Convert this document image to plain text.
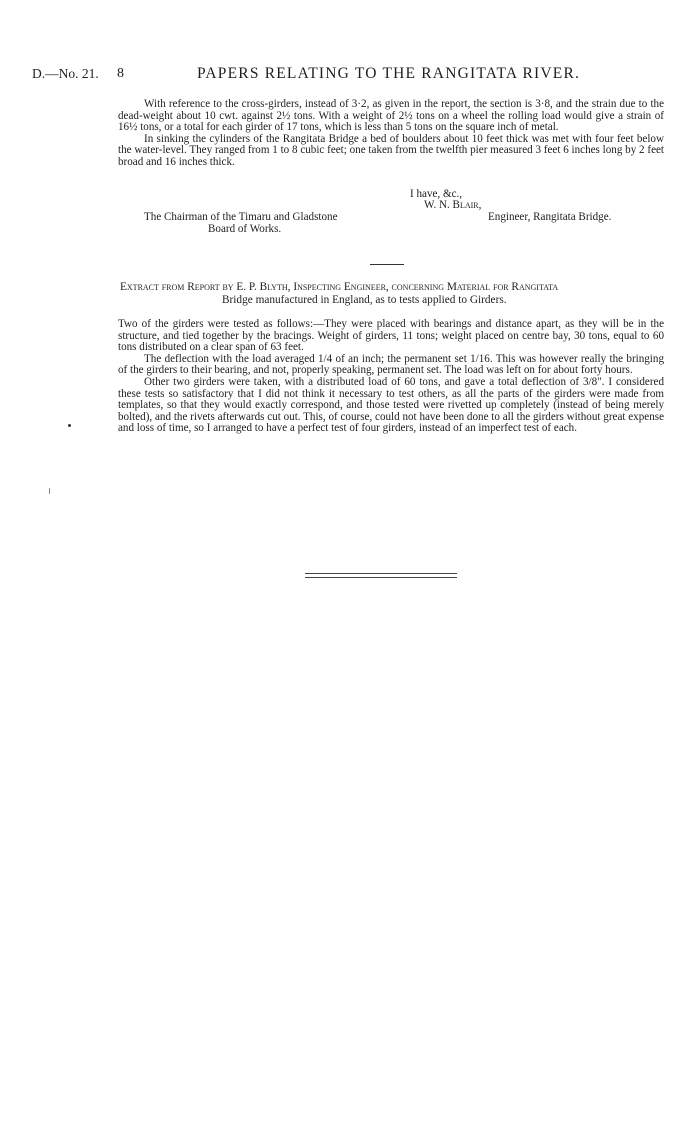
D.—No. 21. 8	PAPERS RELATING TO THE RANGITATA RIVER.

With reference to the cross-girders, instead of 3·2, as given in the report, the section is 3·8, and the strain due to the dead-weight about 10 cwt. against 2½ tons. With a weight of 2½ tons on a wheel the rolling load would give a strain of 16½ tons, or a total for each girder of 17 tons, which is less than 5 tons on the square inch of metal.

In sinking the cylinders of the Rangitata Bridge a bed of boulders about 10 feet thick was met with four feet below the water-level. They ranged from 1 to 8 cubic feet; one taken from the twelfth pier measured 3 feet 6 inches long by 2 feet broad and 16 inches thick.

I have, &c.,
W. N. Blair,
The Chairman of the Timaru and Gladstone	Engineer, Rangitata Bridge.
Board of Works.
Extract from Report by E. P. Blyth, Inspecting Engineer, concerning Material for Rangitata
Bridge manufactured in England, as to tests applied to Girders.

Two of the girders were tested as follows:—They were placed with bearings and distance apart, as they will be in the structure, and tied together by the bracings. Weight of girders, 11 tons; weight placed on centre bay, 30 tons, equal to 60 tons distributed on a clear span of 63 feet.

The deflection with the load averaged 1/4 of an inch; the permanent set 1/16. This was however really the bringing of the girders to their bearing, and not, properly speaking, permanent set. The load was left on for about forty hours.

Other two girders were taken, with a distributed load of 60 tons, and gave a total deflection of 3/8". I considered these tests so satisfactory that I did not think it necessary to test others, as all the parts of the girders were made from templates, so that they would exactly correspond, and those tested were rivetted up completely (instead of being merely bolted), and the rivets afterwards cut out. This, of course, could not have been done to all the girders without great expense and loss of time, so I arranged to have a perfect test of four girders, instead of an imperfect test of each.
